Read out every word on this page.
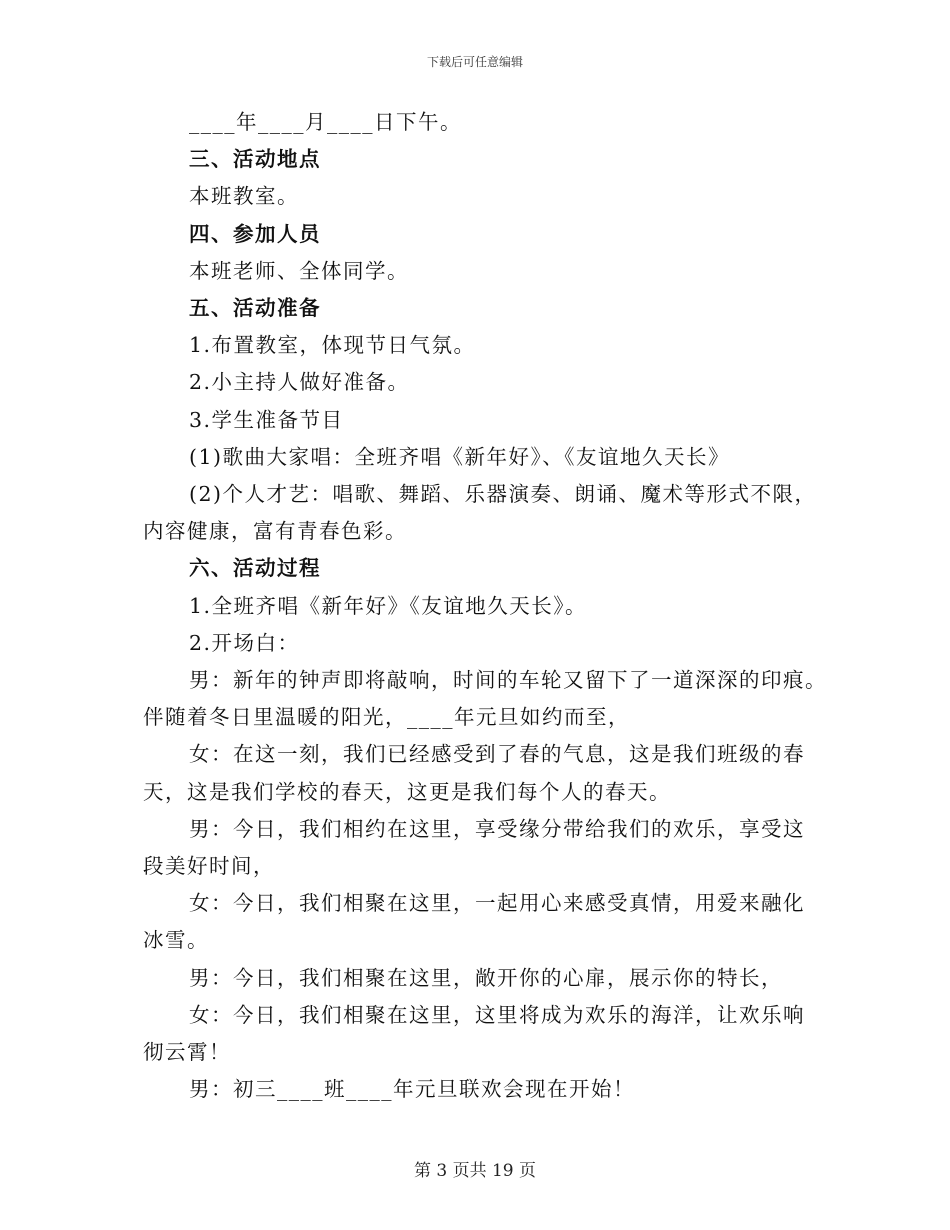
下载后可任意编辑
____年____月____日下午。
三、活动地点
本班教室。
四、参加人员
本班老师、全体同学。
五、活动准备
1.布置教室，体现节日气氛。
2.小主持人做好准备。
3.学生准备节目
(1)歌曲大家唱：全班齐唱《新年好》、《友谊地久天长》
(2)个人才艺：唱歌、舞蹈、乐器演奏、朗诵、魔术等形式不限，
内容健康，富有青春色彩。
六、活动过程
1.全班齐唱《新年好》《友谊地久天长》。
2.开场白：
男：新年的钟声即将敲响，时间的车轮又留下了一道深深的印痕。
伴随着冬日里温暖的阳光，____年元旦如约而至，
女：在这一刻，我们已经感受到了春的气息，这是我们班级的春
天，这是我们学校的春天，这更是我们每个人的春天。
男：今日，我们相约在这里，享受缘分带给我们的欢乐，享受这
段美好时间，
女：今日，我们相聚在这里，一起用心来感受真情，用爱来融化
冰雪。
男：今日，我们相聚在这里，敞开你的心扉，展示你的特长，
女：今日，我们相聚在这里，这里将成为欢乐的海洋，让欢乐响
彻云霄！
男：初三____班____年元旦联欢会现在开始！
第 3 页共 19 页
